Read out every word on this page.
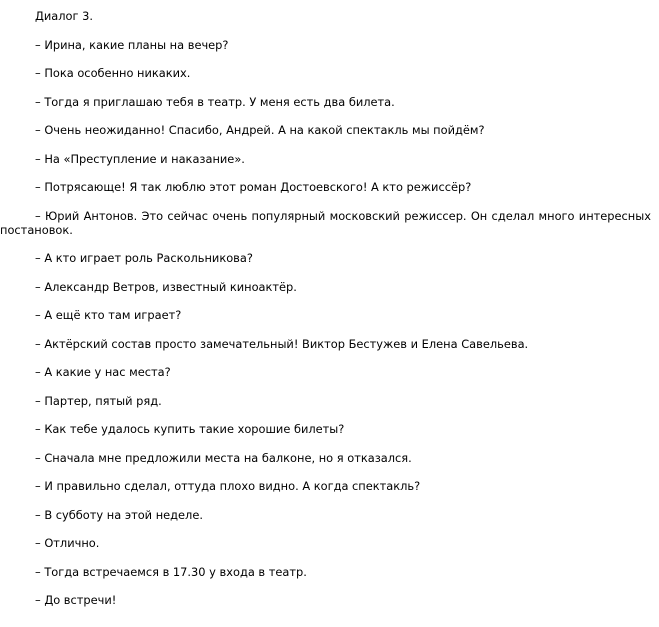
Диалог 3.

– Ирина, какие планы на вечер?

– Пока особенно никаких.

– Тогда я приглашаю тебя в театр. У меня есть два билета.

– Очень неожиданно! Спасибо, Андрей. А на какой спектакль мы пойдём?

– На «Преступление и наказание».

– Потрясающе! Я так люблю этот роман Достоевского! А кто режиссёр?

– Юрий Антонов. Это сейчас очень популярный московский режиссер. Он сделал много интересных постановок.

– А кто играет роль Раскольникова?

– Александр Ветров, известный киноактёр.

– А ещё кто там играет?

– Актёрский состав просто замечательный! Виктор Бестужев и Елена Савельева.

– А какие у нас места?

– Партер, пятый ряд.

– Как тебе удалось купить такие хорошие билеты?

– Сначала мне предложили места на балконе, но я отказался.

– И правильно сделал, оттуда плохо видно. А когда спектакль?

– В субботу на этой неделе.

– Отлично.

– Тогда встречаемся в 17.30 у входа в театр.

– До встречи!
